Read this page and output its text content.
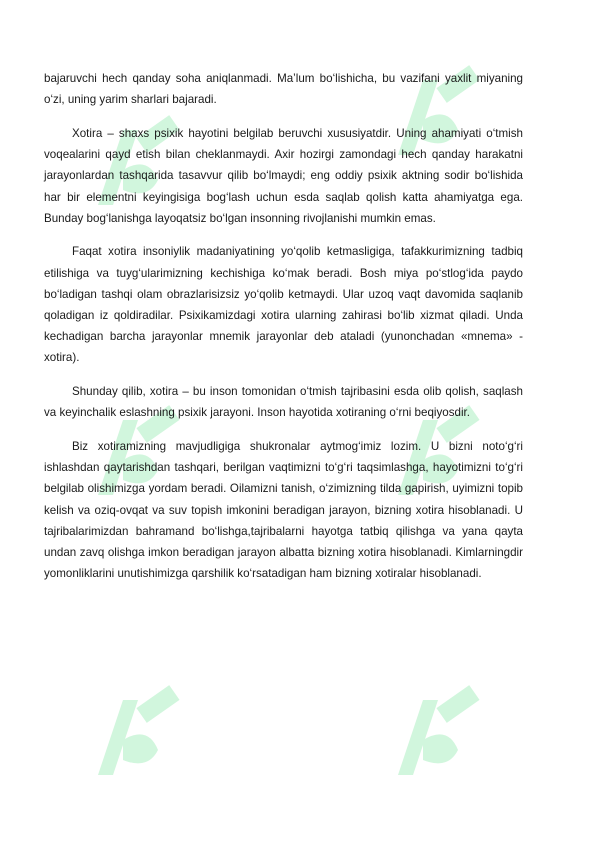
bajaruvchi hech qanday soha aniqlanmadi. Ma’lum bo‘lishicha, bu vazifani yaxlit miyaning o‘zi, uning yarim sharlari bajaradi.

Xotira – shaxs psixik hayotini belgilab beruvchi xususiyatdir. Uning ahamiyati o‘tmish voqealarini qayd etish bilan cheklanmaydi. Axir hozirgi zamondagi hech qanday harakatni jarayonlardan tashqarida tasavvur qilib bo‘lmaydi; eng oddiy psixik aktning sodir bo‘lishida har bir elementni keyingisiga bog‘lash uchun esda saqlab qolish katta ahamiyatga ega. Bunday bog‘lanishga layoqatsiz bo‘lgan insonning rivojlanishi mumkin emas.

Faqat xotira insoniylik madaniyatining yo‘qolib ketmasligiga, tafakkurimizning tadbiq etilishiga va tuyg‘ularimizning kechishiga ko‘mak beradi. Bosh miya po‘stlog‘ida paydo bo‘ladigan tashqi olam obrazlarisizsiz yo‘qolib ketmaydi. Ular uzoq vaqt davomida saqlanib qoladigan iz qoldiradilar. Psixikamizdagi xotira ularning zahirasi bo‘lib xizmat qiladi. Unda kechadigan barcha jarayonlar mnemik jarayonlar deb ataladi (yunonchadan «mnema» - xotira).

Shunday qilib, xotira – bu inson tomonidan o‘tmish tajribasini esda olib qolish, saqlash va keyinchalik eslashning psixik jarayoni. Inson hayotida xotiraning o‘rni beqiyosdir.

Biz xotiramizning mavjudligiga shukronalar aytmog‘imiz lozim. U bizni noto‘g‘ri ishlashdan qaytarishdan tashqari, berilgan vaqtimizni to‘g‘ri taqsimlashga, hayotimizni to‘g‘ri belgilab olishimizga yordam beradi. Oilamizni tanish, o‘zimizning tilda gapirish, uyimizni topib kelish va oziq-ovqat va suv topish imkonini beradigan jarayon, bizning xotira hisoblanadi. U tajribalarimizdan bahramand bo‘lishga,tajribalarni hayotga tatbiq qilishga va yana qayta undan zavq olishga imkon beradigan jarayon albatta bizning xotira hisoblanadi. Kimlarningdir yomonliklarini unutishimizga qarshilik ko‘rsatadigan ham bizning xotiralar hisoblanadi.
